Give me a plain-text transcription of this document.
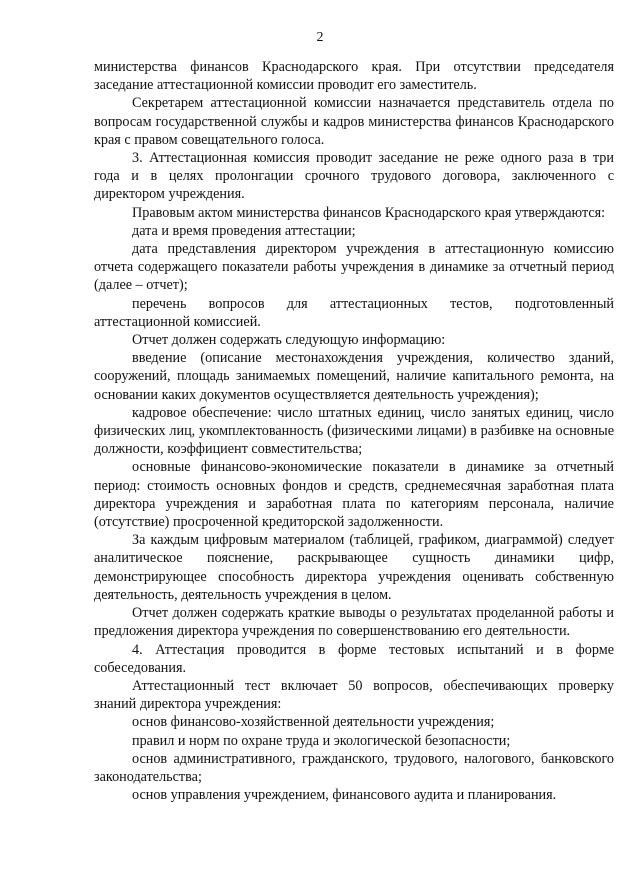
2

министерства финансов Краснодарского края. При отсутствии председателя заседание аттестационной комиссии проводит его заместитель.

Секретарем аттестационной комиссии назначается представитель отдела по вопросам государственной службы и кадров министерства финансов Краснодарского края с правом совещательного голоса.

3. Аттестационная комиссия проводит заседание не реже одного раза в три года и в целях пролонгации срочного трудового договора, заключенного с директором учреждения.

Правовым актом министерства финансов Краснодарского края утверждаются:

дата и время проведения аттестации;

дата представления директором учреждения в аттестационную комиссию отчета содержащего показатели работы учреждения в динамике за отчетный период (далее – отчет);

перечень вопросов для аттестационных тестов, подготовленный аттестационной комиссией.

Отчет должен содержать следующую информацию:

введение (описание местонахождения учреждения, количество зданий, сооружений, площадь занимаемых помещений, наличие капитального ремонта, на основании каких документов осуществляется деятельность учреждения);

кадровое обеспечение: число штатных единиц, число занятых единиц, число физических лиц, укомплектованность (физическими лицами) в разбивке на основные должности, коэффициент совместительства;

основные финансово-экономические показатели в динамике за отчетный период: стоимость основных фондов и средств, среднемесячная заработная плата директора учреждения и заработная плата по категориям персонала, наличие (отсутствие) просроченной кредиторской задолженности.

За каждым цифровым материалом (таблицей, графиком, диаграммой) следует аналитическое пояснение, раскрывающее сущность динамики цифр, демонстрирующее способность директора учреждения оценивать собственную деятельность, деятельность учреждения в целом.

Отчет должен содержать краткие выводы о результатах проделанной работы и предложения директора учреждения по совершенствованию его деятельности.

4. Аттестация проводится в форме тестовых испытаний и в форме собеседования.

Аттестационный тест включает 50 вопросов, обеспечивающих проверку знаний директора учреждения:

основ финансово-хозяйственной деятельности учреждения;

правил и норм по охране труда и экологической безопасности;

основ административного, гражданского, трудового, налогового, банковского законодательства;

основ управления учреждением, финансового аудита и планирования.
